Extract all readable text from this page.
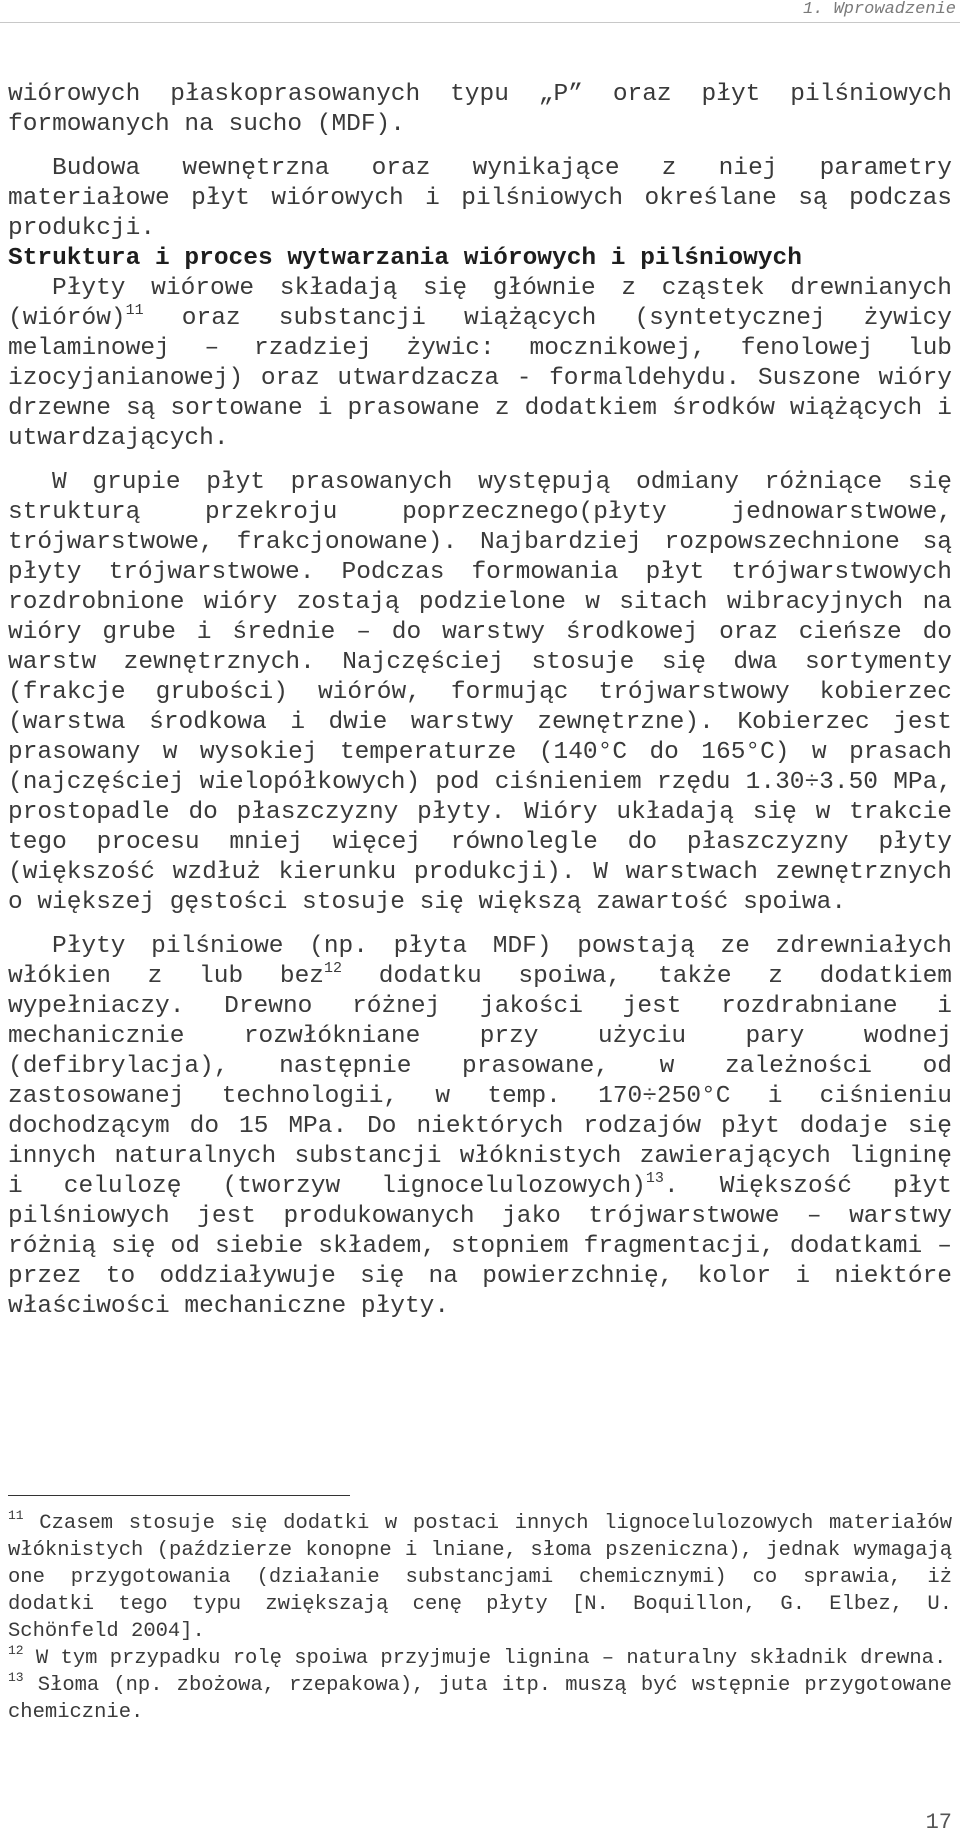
1. Wprowadzenie

wiórowych płaskoprasowanych typu „P” oraz płyt pilśniowych formowanych na sucho (MDF).

Budowa wewnętrzna oraz wynikające z niej parametry materiałowe płyt wiórowych i pilśniowych określane są podczas produkcji.

Struktura i proces wytwarzania wiórowych i pilśniowych

Płyty wiórowe składają się głównie z cząstek drewnianych (wiórów)$^{11}$ oraz substancji wiążących (syntetycznej żywicy melaminowej – rzadziej żywic: mocznikowej, fenolowej lub izocyjanianowej) oraz utwardzacza - formaldehydu. Suszone wióry drzewne są sortowane i prasowane z dodatkiem środków wiążących i utwardzających.

W grupie płyt prasowanych występują odmiany różniące się strukturą przekroju poprzecznego(płyty jednowarstwowe, trójwarstwowe, frakcjonowane). Najbardziej rozpowszechnione są płyty trójwarstwowe. Podczas formowania płyt trójwarstwowych rozdrobnione wióry zostają podzielone w sitach wibracyjnych na wióry grube i średnie – do warstwy środkowej oraz cieńsze do warstw zewnętrznych. Najczęściej stosuje się dwa sortymenty (frakcje grubości) wiórów, formując trójwarstwowy kobierzec (warstwa środkowa i dwie warstwy zewnętrzne). Kobierzec jest prasowany w wysokiej temperaturze (140°C do 165°C) w prasach (najczęściej wielopółkowych) pod ciśnieniem rzędu 1.30÷3.50 MPa, prostopadle do płaszczyzny płyty. Wióry układają się w trakcie tego procesu mniej więcej równolegle do płaszczyzny płyty (większość wzdłuż kierunku produkcji). W warstwach zewnętrznych o większej gęstości stosuje się większą zawartość spoiwa.

Płyty pilśniowe (np. płyta MDF) powstają ze zdrewniałych włókien z lub bez$^{12}$ dodatku spoiwa, także z dodatkiem wypełniaczy. Drewno różnej jakości jest rozdrabniane i mechanicznie rozwłókniane przy użyciu pary wodnej (defibrylacja), następnie prasowane, w zależności od zastosowanej technologii, w temp. 170÷250°C i ciśnieniu dochodzącym do 15 MPa. Do niektórych rodzajów płyt dodaje się innych naturalnych substancji włóknistych zawierających ligninę i celulozę (tworzyw lignocelulozowych)$^{13}$. Większość płyt pilśniowych jest produkowanych jako trójwarstwowe – warstwy różnią się od siebie składem, stopniem fragmentacji, dodatkami – przez to oddziaływuje się na powierzchnię, kolor i niektóre właściwości mechaniczne płyty.

$^{11}$ Czasem stosuje się dodatki w postaci innych lignocelulozowych materiałów włóknistych (paździerze konopne i lniane, słoma pszeniczna), jednak wymagają one przygotowania (działanie substancjami chemicznymi) co sprawia, iż dodatki tego typu zwiększają cenę płyty [N. Boquillon, G. Elbez, U. Schönfeld 2004].

$^{12}$ W tym przypadku rolę spoiwa przyjmuje lignina – naturalny składnik drewna.

$^{13}$ Słoma (np. zbożowa, rzepakowa), juta itp. muszą być wstępnie przygotowane chemicznie.

17
